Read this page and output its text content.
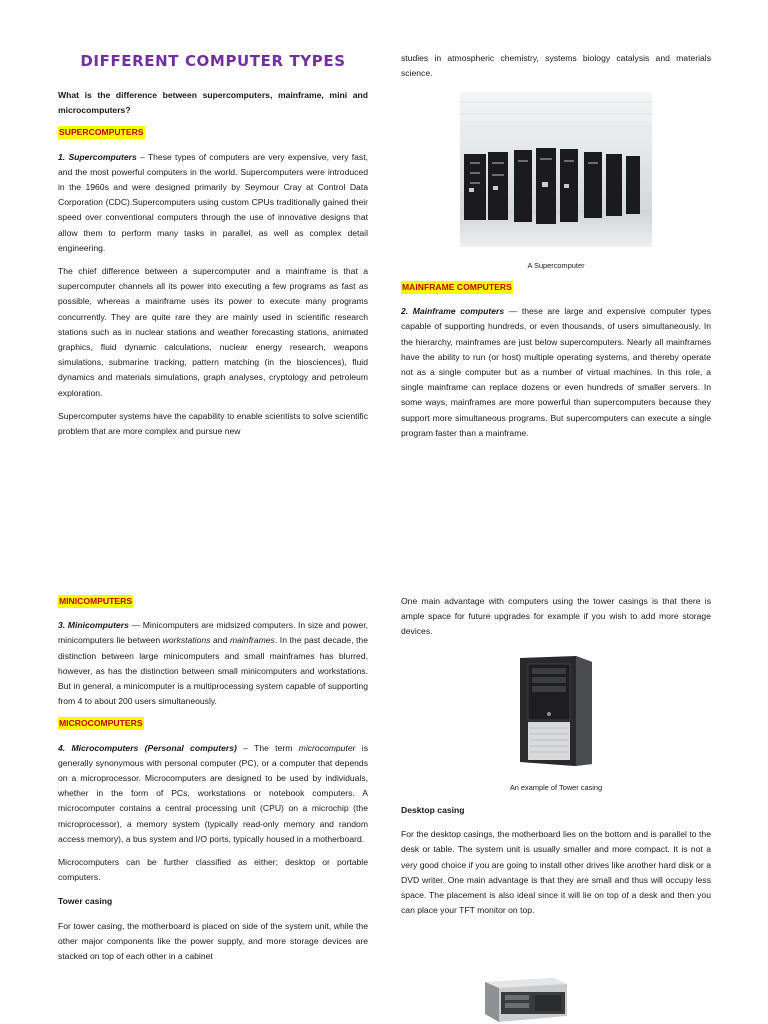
DIFFERENT COMPUTER TYPES

What is the difference between supercomputers, mainframe, mini and microcomputers?

SUPERCOMPUTERS

1. Supercomputers – These types of computers are very expensive, very fast, and the most powerful computers in the world. Supercomputers were introduced in the 1960s and were designed primarily by Seymour Cray at Control Data Corporation (CDC).Supercomputers using custom CPUs traditionally gained their speed over conventional computers through the use of innovative designs that allow them to perform many tasks in parallel, as well as complex detail engineering.

The chief difference between a supercomputer and a mainframe is that a supercomputer channels all its power into executing a few programs as fast as possible, whereas a mainframe uses its power to execute many programs concurrently. They are quite rare they are mainly used in scientific research stations such as in nuclear stations and weather forecasting stations, animated graphics, fluid dynamic calculations, nuclear energy research, weapons simulations, submarine tracking, pattern matching (in the biosciences), fluid dynamics and materials simulations, graph analyses, cryptology and petroleum exploration.

Supercomputer systems have the capability to enable scientists to solve scientific problem that are more complex and pursue new

studies in atmospheric chemistry, systems biology catalysis and materials science.

A Supercomputer

MAINFRAME COMPUTERS

2. Mainframe computers — these are large and expensive computer types capable of supporting hundreds, or even thousands, of users simultaneously. In the hierarchy, mainframes are just below supercomputers. Nearly all mainframes have the ability to run (or host) multiple operating systems, and thereby operate not as a single computer but as a number of virtual machines. In this role, a single mainframe can replace dozens or even hundreds of smaller servers. In some ways, mainframes are more powerful than supercomputers because they support more simultaneous programs. But supercomputers can execute a single program faster than a mainframe.

MINICOMPUTERS

3. Minicomputers — Minicomputers are midsized computers. In size and power, minicomputers lie between workstations and mainframes. In the past decade, the distinction between large minicomputers and small mainframes has blurred, however, as has the distinction between small minicomputers and workstations. But in general, a minicomputer is a multiprocessing system capable of supporting from 4 to about 200 users simultaneously.

MICROCOMPUTERS

4. Microcomputers (Personal computers) – The term microcomputer is generally synonymous with personal computer (PC), or a computer that depends on a microprocessor. Microcomputers are designed to be used by individuals, whether in the form of PCs, workstations or notebook computers. A microcomputer contains a central processing unit (CPU) on a microchip (the microprocessor), a memory system (typically read-only memory and random access memory), a bus system and I/O ports, typically housed in a motherboard.

Microcomputers can be further classified as either; desktop or portable computers.

Tower casing

For tower casing, the motherboard is placed on side of the system unit, while the other major components like the power supply, and more storage devices are stacked on top of each other in a cabinet

One main advantage with computers using the tower casings is that there is ample space for future upgrades for example if you wish to add more storage devices.

An example of Tower casing

Desktop casing

For the desktop casings, the motherboard lies on the bottom and is parallel to the desk or table. The system unit is usually smaller and more compact. It is not a very good choice if you are going to install other drives like another hard disk or a DVD writer. One main advantage is that they are small and thus will occupy less space. The placement is also ideal since it will lie on top of a desk and then you can place your TFT monitor on top.
